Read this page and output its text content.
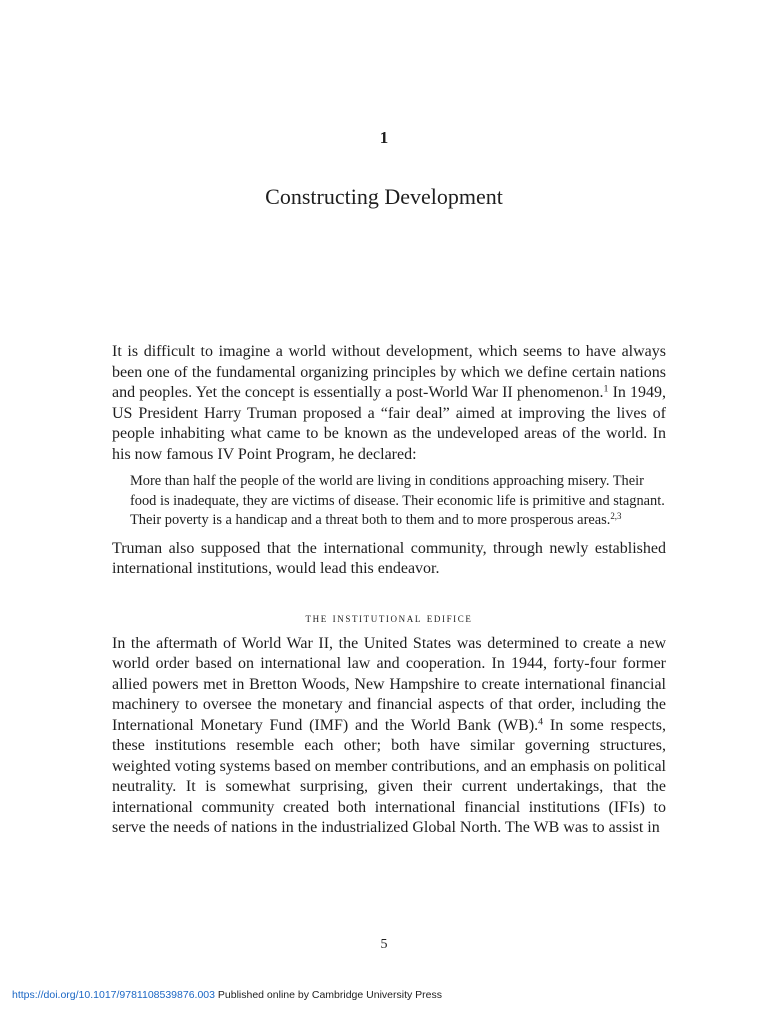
1

Constructing Development

It is difficult to imagine a world without development, which seems to have always been one of the fundamental organizing principles by which we define certain nations and peoples. Yet the concept is essentially a post-World War II phenomenon.$^1$ In 1949, US President Harry Truman proposed a “fair deal” aimed at improving the lives of people inhabiting what came to be known as the undeveloped areas of the world. In his now famous IV Point Program, he declared:

More than half the people of the world are living in conditions approaching misery. Their food is inadequate, they are victims of disease. Their economic life is primitive and stagnant. Their poverty is a handicap and a threat both to them and to more prosperous areas.$^{2,3}$

Truman also supposed that the international community, through newly established international institutions, would lead this endeavor.

the institutional edifice

In the aftermath of World War II, the United States was determined to create a new world order based on international law and cooperation. In 1944, forty-four former allied powers met in Bretton Woods, New Hampshire to create international financial machinery to oversee the monetary and financial aspects of that order, including the International Monetary Fund (IMF) and the World Bank (WB).$^4$ In some respects, these institutions resemble each other; both have similar governing structures, weighted voting systems based on member contributions, and an emphasis on political neutrality. It is somewhat surprising, given their current undertakings, that the international community created both international financial institutions (IFIs) to serve the needs of nations in the industrialized Global North. The WB was to assist in

5

https://doi.org/10.1017/9781108539876.003 Published online by Cambridge University Press
